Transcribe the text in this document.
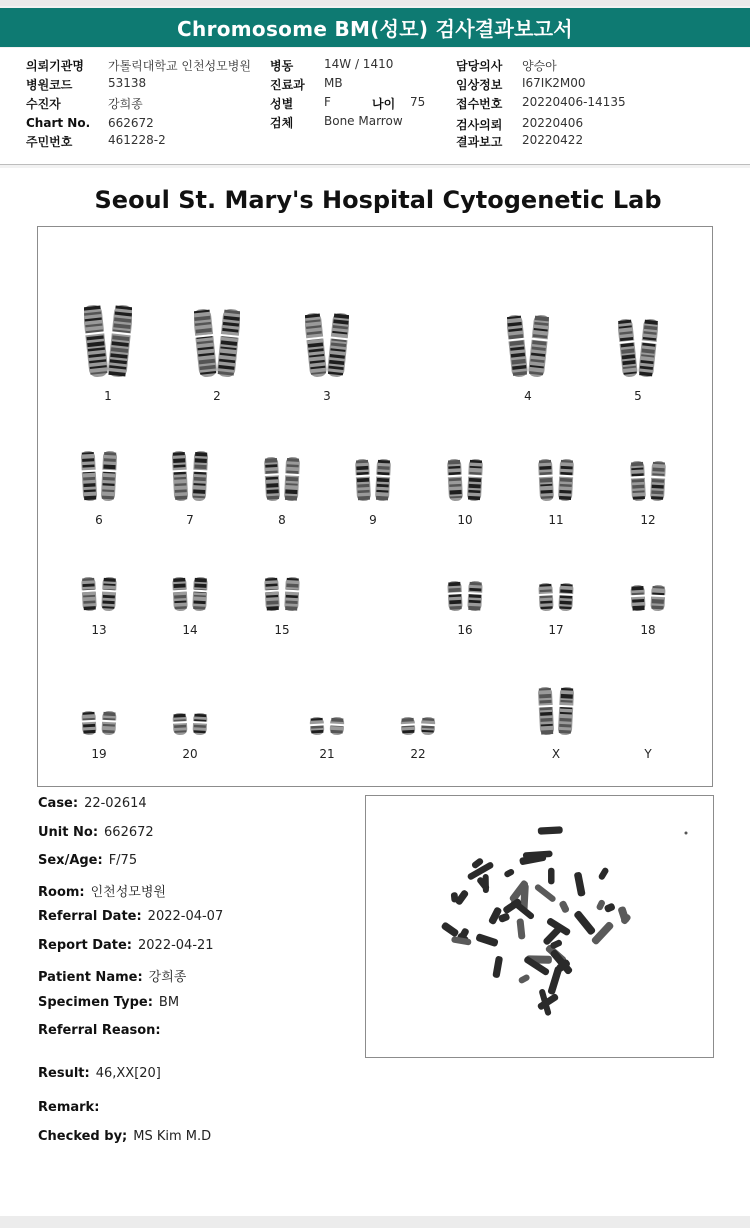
Chromosome BM(성모) 검사결과보고서
의뢰기관명 가톨릭대학교 인천성모병원
병원코드	53138
수진자	강희종
Chart No. 662672
주민번호	461228-2
병동	14W / 1410
진료과 MB
성별	F	나이 75
검체	Bone Marrow
담당의사 양승아
임상정보 I67IK2M00
접수번호 20220406-14135
검사의뢰 20220406
결과보고 20220422
Seoul St. Mary's Hospital Cytogenetic Lab
1	2	3	4	5
6	7	8	9	10	11	12
13	14	15	16	17	18
19	20	21	22	X	Y
Case: 22-02614
Unit No: 662672
Sex/Age: F/75
Room: 인천성모병원
Referral Date: 2022-04-07
Report Date: 2022-04-21
Patient Name: 강희종
Specimen Type: BM
Referral Reason:
Result: 46,XX[20]
Remark:
Checked by; MS Kim M.D
